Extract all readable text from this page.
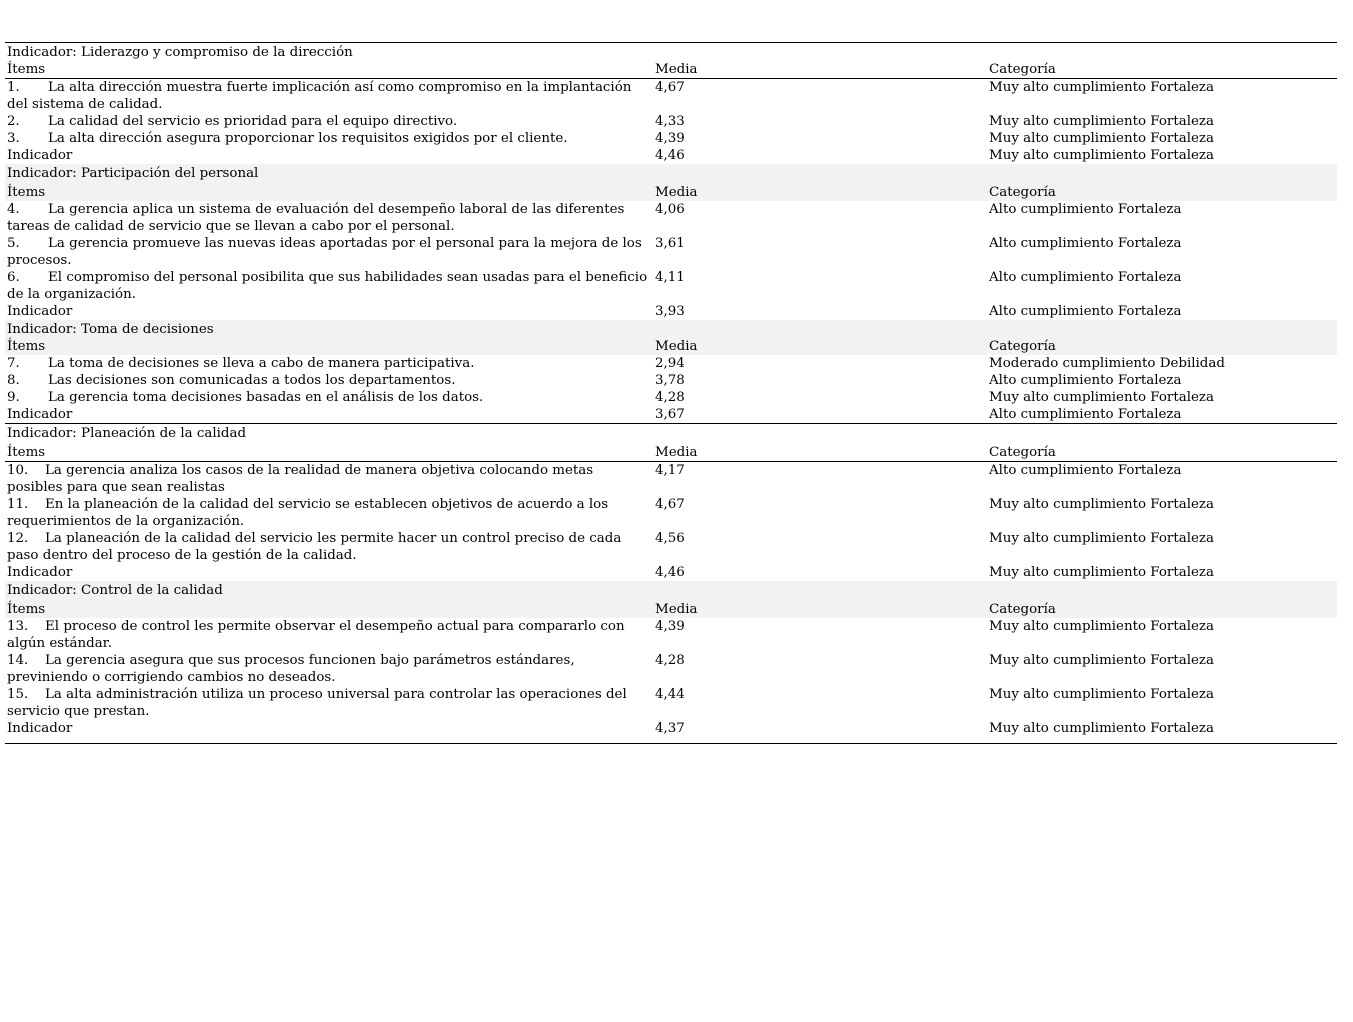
Indicador: Liderazgo y compromiso de la dirección		
Ítems	Media	Categoría
1. La alta dirección muestra fuerte implicación así como compromiso en la implantación del sistema de calidad.	4,67	Muy alto cumplimiento Fortaleza
2. La calidad del servicio es prioridad para el equipo directivo.	4,33	Muy alto cumplimiento Fortaleza
3. La alta dirección asegura proporcionar los requisitos exigidos por el cliente.	4,39	Muy alto cumplimiento Fortaleza
Indicador	4,46	Muy alto cumplimiento Fortaleza
Indicador: Participación del personal		
Ítems	Media	Categoría
4. La gerencia aplica un sistema de evaluación del desempeño laboral de las diferentes tareas de calidad de servicio que se llevan a cabo por el personal.	4,06	Alto cumplimiento Fortaleza
5. La gerencia promueve las nuevas ideas aportadas por el personal para la mejora de los procesos.	3,61	Alto cumplimiento Fortaleza
6. El compromiso del personal posibilita que sus habilidades sean usadas para el beneficio de la organización.	4,11	Alto cumplimiento Fortaleza
Indicador	3,93	Alto cumplimiento Fortaleza
Indicador: Toma de decisiones		
Ítems	Media	Categoría
7. La toma de decisiones se lleva a cabo de manera participativa.	2,94	Moderado cumplimiento Debilidad
8. Las decisiones son comunicadas a todos los departamentos.	3,78	Alto cumplimiento Fortaleza
9. La gerencia toma decisiones basadas en el análisis de los datos.	4,28	Muy alto cumplimiento Fortaleza
Indicador	3,67	Alto cumplimiento Fortaleza
Indicador: Planeación de la calidad		
Ítems	Media	Categoría
10. La gerencia analiza los casos de la realidad de manera objetiva colocando metas posibles para que sean realistas	4,17	Alto cumplimiento Fortaleza
11. En la planeación de la calidad del servicio se establecen objetivos de acuerdo a los requerimientos de la organización.	4,67	Muy alto cumplimiento Fortaleza
12. La planeación de la calidad del servicio les permite hacer un control preciso de cada paso dentro del proceso de la gestión de la calidad.	4,56	Muy alto cumplimiento Fortaleza
Indicador	4,46	Muy alto cumplimiento Fortaleza
Indicador: Control de la calidad		
Ítems	Media	Categoría
13. El proceso de control les permite observar el desempeño actual para compararlo con algún estándar.	4,39	Muy alto cumplimiento Fortaleza
14. La gerencia asegura que sus procesos funcionen bajo parámetros estándares, previniendo o corrigiendo cambios no deseados.	4,28	Muy alto cumplimiento Fortaleza
15. La alta administración utiliza un proceso universal para controlar las operaciones del servicio que prestan.	4,44	Muy alto cumplimiento Fortaleza
Indicador	4,37	Muy alto cumplimiento Fortaleza
